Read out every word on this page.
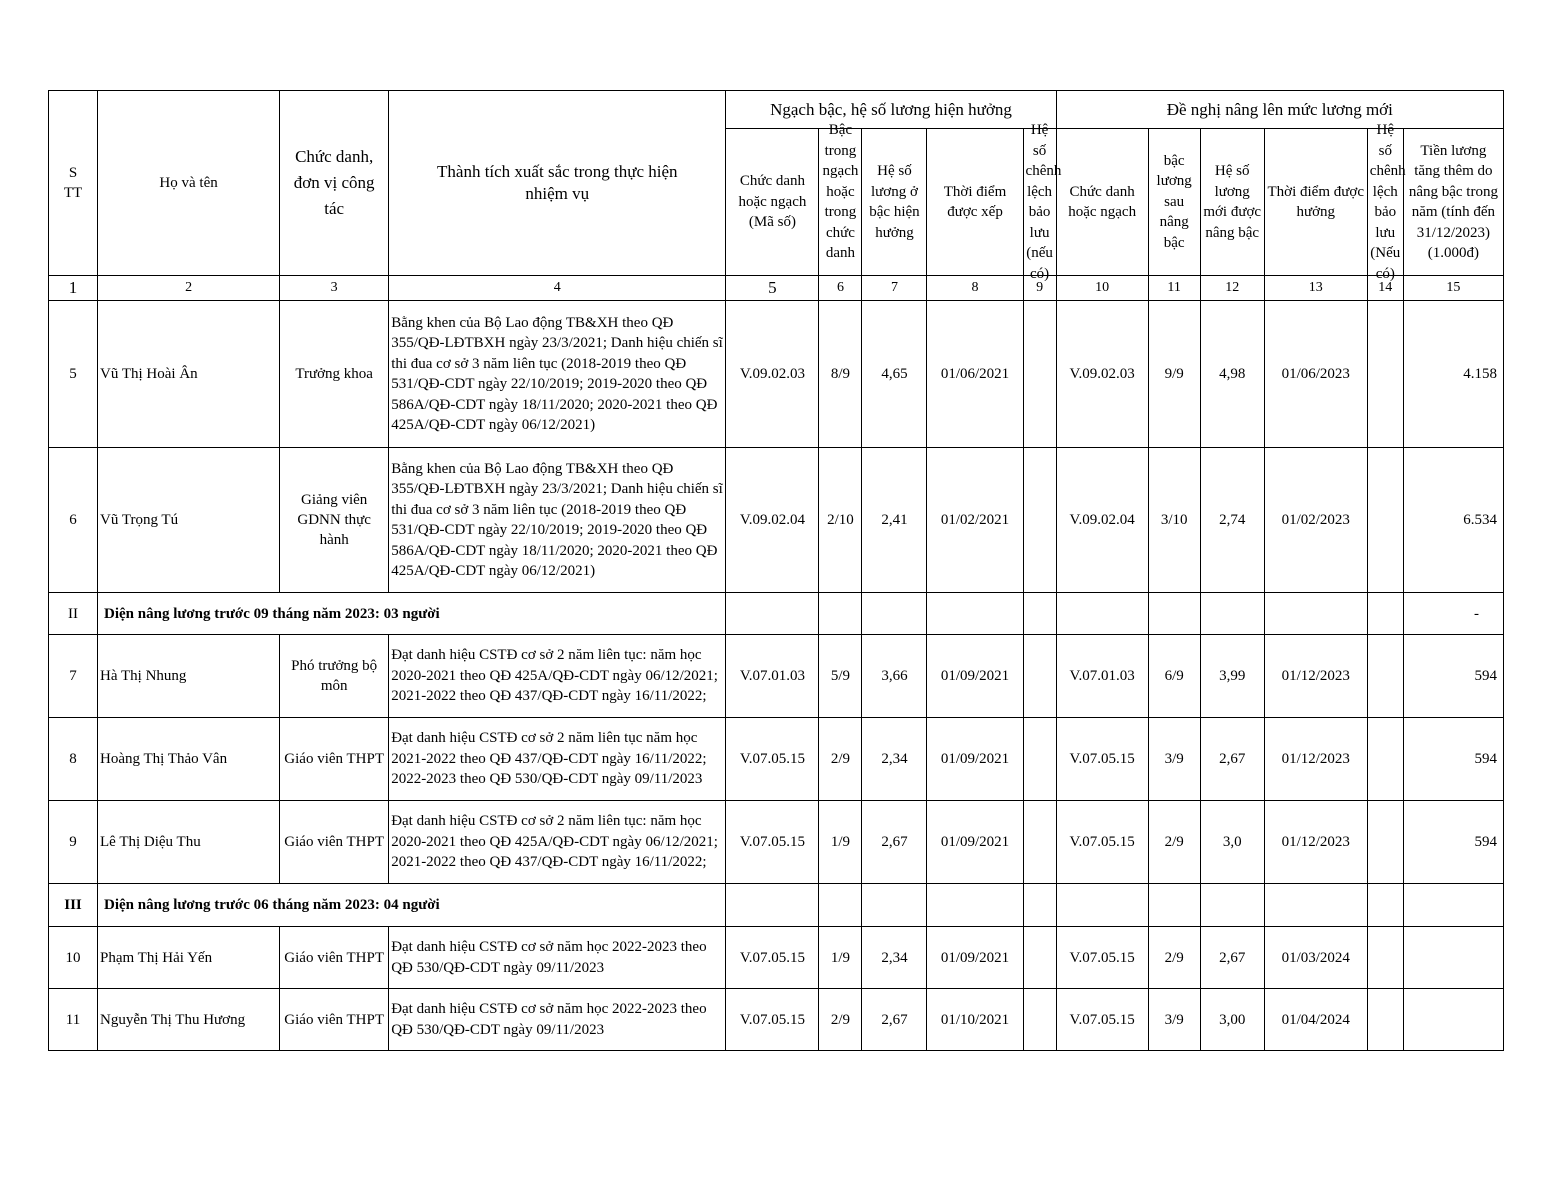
S
TT	Họ và tên	Chức danh, đơn vị công tác	Thành tích xuất sắc trong thực hiện nhiệm vụ	Ngạch bậc, hệ số lương hiện hưởng					Đề nghị nâng lên mức lương mới					
				Chức danh hoặc ngạch (Mã số)	Bậc trong ngạch hoặc trong chức danh	Hệ số lương ở bậc hiện hưởng	Thời điểm được xếp	Hệ số chênh lệch bảo lưu (nếu có)	Chức danh hoặc ngạch	bậc lương sau nâng bậc	Hệ số lương mới được nâng bậc	Thời điểm được hưởng	Hệ số chênh lệch bảo lưu (Nếu có)	Tiền lương tăng thêm do nâng bậc trong năm (tính đến 31/12/2023) (1.000đ)
1	2	3	4	5	6	7	8	9	10	11	12	13	14	15
5	Vũ Thị Hoài Ân	Trưởng khoa	Bằng khen của Bộ Lao động TB&XH theo QĐ 355/QĐ-LĐTBXH ngày 23/3/2021; Danh hiệu chiến sĩ thi đua cơ sở 3 năm liên tục (2018-2019 theo QĐ 531/QĐ-CDT ngày 22/10/2019; 2019-2020 theo QĐ 586A/QĐ-CDT ngày 18/11/2020; 2020-2021 theo QĐ 425A/QĐ-CDT ngày 06/12/2021)	V.09.02.03	8/9	4,65	01/06/2021		V.09.02.03	9/9	4,98	01/06/2023		4.158
6	Vũ Trọng Tú	Giảng viên GDNN thực hành	Bằng khen của Bộ Lao động TB&XH theo QĐ 355/QĐ-LĐTBXH ngày 23/3/2021; Danh hiệu chiến sĩ thi đua cơ sở 3 năm liên tục (2018-2019 theo QĐ 531/QĐ-CDT ngày 22/10/2019; 2019-2020 theo QĐ 586A/QĐ-CDT ngày 18/11/2020; 2020-2021 theo QĐ 425A/QĐ-CDT ngày 06/12/2021)	V.09.02.04	2/10	2,41	01/02/2021		V.09.02.04	3/10	2,74	01/02/2023		6.534
II	Diện nâng lương trước 09 tháng năm 2023: 03 người													-
7	Hà Thị Nhung	Phó trưởng bộ môn	Đạt danh hiệu CSTĐ cơ sở 2 năm liên tục: năm học 2020-2021 theo QĐ 425A/QĐ-CDT ngày 06/12/2021; 2021-2022 theo QĐ 437/QĐ-CDT ngày 16/11/2022;	V.07.01.03	5/9	3,66	01/09/2021		V.07.01.03	6/9	3,99	01/12/2023		594
8	Hoàng Thị Thảo Vân	Giáo viên THPT	Đạt danh hiệu CSTĐ cơ sở 2 năm liên tục năm học 2021-2022 theo QĐ 437/QĐ-CDT ngày 16/11/2022; 2022-2023 theo QĐ 530/QĐ-CDT ngày 09/11/2023	V.07.05.15	2/9	2,34	01/09/2021		V.07.05.15	3/9	2,67	01/12/2023		594
9	Lê Thị Diệu Thu	Giáo viên THPT	Đạt danh hiệu CSTĐ cơ sở 2 năm liên tục: năm học 2020-2021 theo QĐ 425A/QĐ-CDT ngày 06/12/2021; 2021-2022 theo QĐ 437/QĐ-CDT ngày 16/11/2022;	V.07.05.15	1/9	2,67	01/09/2021		V.07.05.15	2/9	3,0	01/12/2023		594
III	Diện nâng lương trước 06 tháng năm 2023: 04 người													
10	Phạm Thị Hải Yến	Giáo viên THPT	Đạt danh hiệu CSTĐ cơ sở năm học 2022-2023 theo QĐ 530/QĐ-CDT ngày 09/11/2023	V.07.05.15	1/9	2,34	01/09/2021		V.07.05.15	2/9	2,67	01/03/2024		
11	Nguyễn Thị Thu Hương	Giáo viên THPT	Đạt danh hiệu CSTĐ cơ sở năm học 2022-2023 theo QĐ 530/QĐ-CDT ngày 09/11/2023	V.07.05.15	2/9	2,67	01/10/2021		V.07.05.15	3/9	3,00	01/04/2024		
